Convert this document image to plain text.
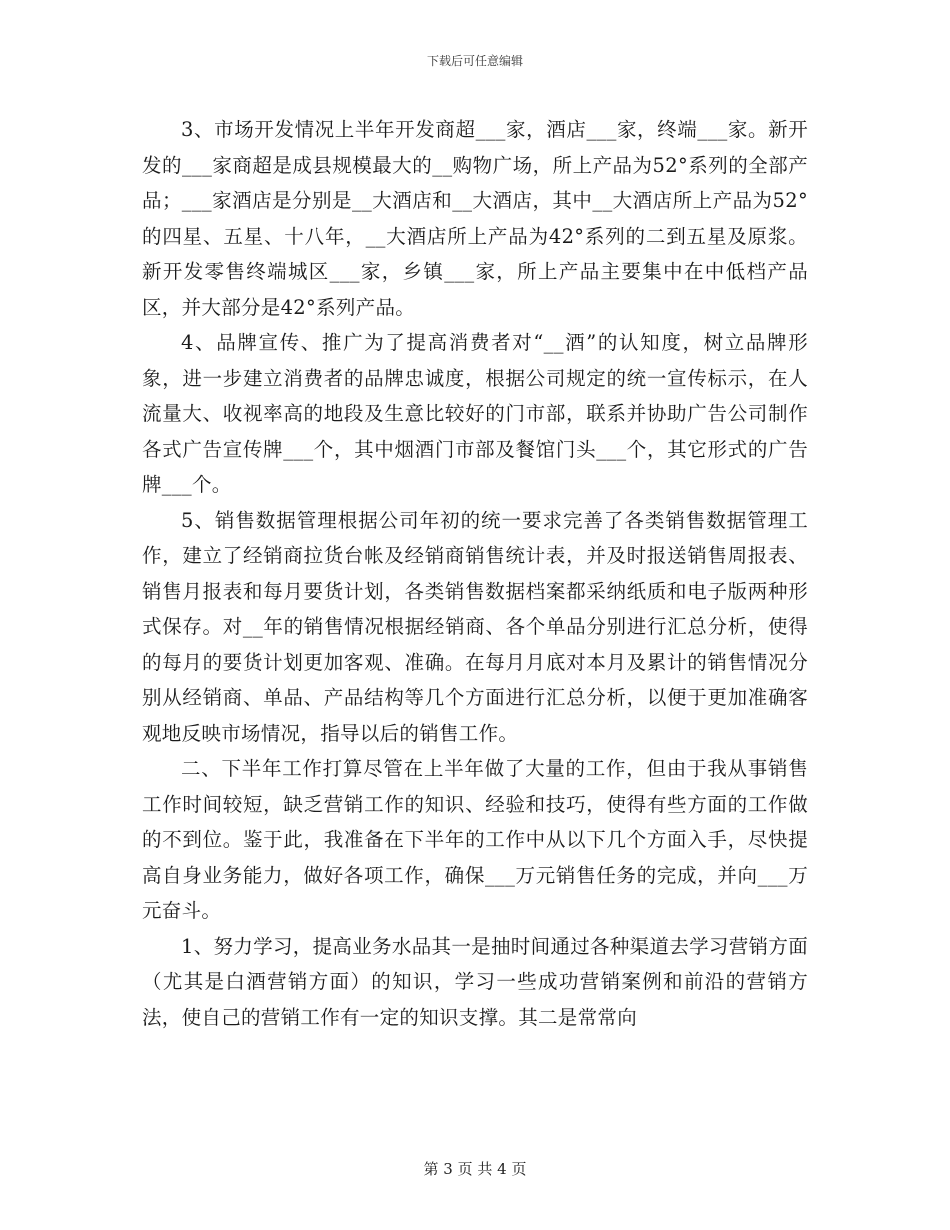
下载后可任意编辑

3、市场开发情况上半年开发商超___家，酒店___家，终端___家。新开发的___家商超是成县规模最大的__购物广场，所上产品为52°系列的全部产品；___家酒店是分别是__大酒店和__大酒店，其中__大酒店所上产品为52°的四星、五星、十八年，__大酒店所上产品为42°系列的二到五星及原浆。新开发零售终端城区___家，乡镇___家，所上产品主要集中在中低档产品区，并大部分是42°系列产品。

4、品牌宣传、推广为了提高消费者对“__酒”的认知度，树立品牌形象，进一步建立消费者的品牌忠诚度，根据公司规定的统一宣传标示，在人流量大、收视率高的地段及生意比较好的门市部，联系并协助广告公司制作各式广告宣传牌___个，其中烟酒门市部及餐馆门头___个，其它形式的广告牌___个。

5、销售数据管理根据公司年初的统一要求完善了各类销售数据管理工作，建立了经销商拉货台帐及经销商销售统计表，并及时报送销售周报表、销售月报表和每月要货计划，各类销售数据档案都采纳纸质和电子版两种形式保存。对__年的销售情况根据经销商、各个单品分别进行汇总分析，使得的每月的要货计划更加客观、准确。在每月月底对本月及累计的销售情况分别从经销商、单品、产品结构等几个方面进行汇总分析，以便于更加准确客观地反映市场情况，指导以后的销售工作。

二、下半年工作打算尽管在上半年做了大量的工作，但由于我从事销售工作时间较短，缺乏营销工作的知识、经验和技巧，使得有些方面的工作做的不到位。鉴于此，我准备在下半年的工作中从以下几个方面入手，尽快提高自身业务能力，做好各项工作，确保___万元销售任务的完成，并向___万元奋斗。

1、努力学习，提高业务水品其一是抽时间通过各种渠道去学习营销方面（尤其是白酒营销方面）的知识，学习一些成功营销案例和前沿的营销方法，使自己的营销工作有一定的知识支撑。其二是常常向

第 3 页 共 4 页
